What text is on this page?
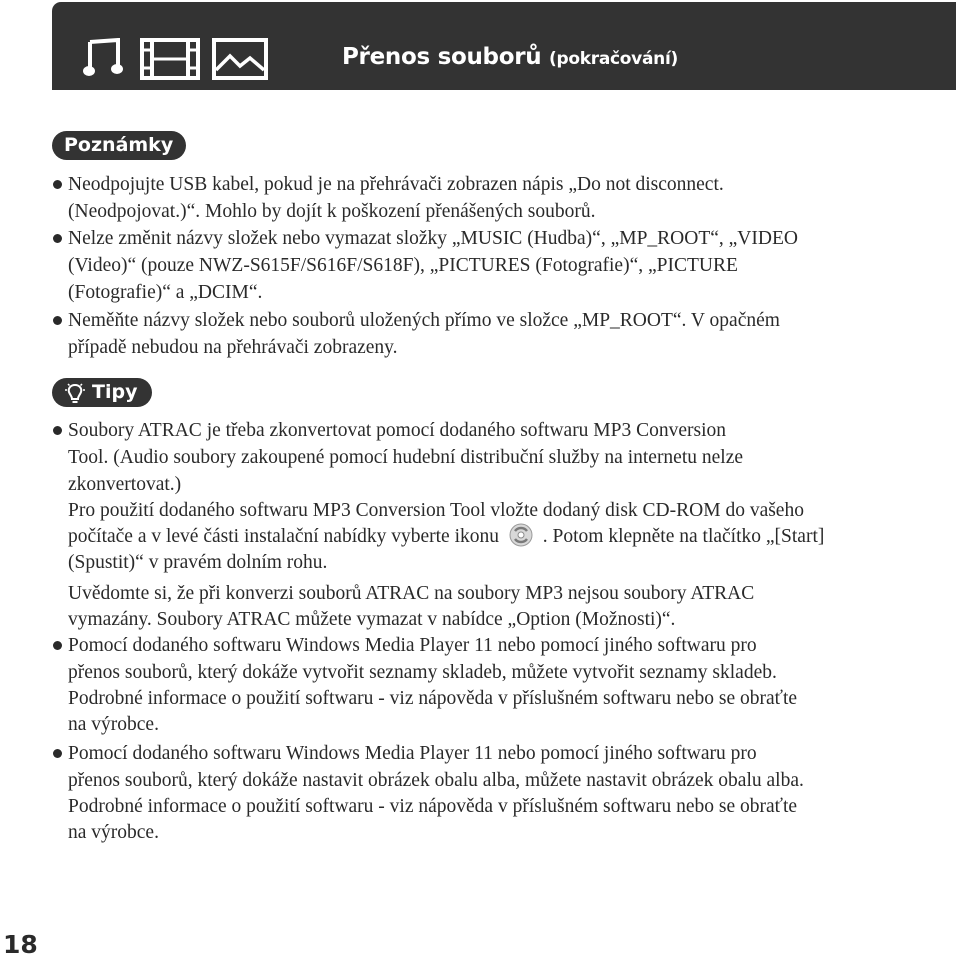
Přenos souborů (pokračování)
Poznámky
Tipy
Neodpojujte USB kabel, pokud je na přehrávači zobrazen nápis „Do not disconnect.
(Neodpojovat.)“. Mohlo by dojít k poškození přenášených souborů.
Nelze změnit názvy složek nebo vymazat složky „MUSIC (Hudba)“, „MP_ROOT“, „VIDEO
(Video)“ (pouze NWZ-S615F/S616F/S618F), „PICTURES (Fotografie)“, „PICTURE
(Fotografie)“ a „DCIM“.
Neměňte názvy složek nebo souborů uložených přímo ve složce „MP_ROOT“. V opačném
případě nebudou na přehrávači zobrazeny.
Soubory ATRAC je třeba zkonvertovat pomocí dodaného softwaru MP3 Conversion
Tool. (Audio soubory zakoupené pomocí hudební distribuční služby na internetu nelze
zkonvertovat.)
Pro použití dodaného softwaru MP3 Conversion Tool vložte dodaný disk CD-ROM do vašeho
počítače a v levé části instalační nabídky vyberte ikonu . Potom klepněte na tlačítko „[Start]
(Spustit)“ v pravém dolním rohu.
Uvědomte si, že při konverzi souborů ATRAC na soubory MP3 nejsou soubory ATRAC
vymazány. Soubory ATRAC můžete vymazat v nabídce „Option (Možnosti)“.
Pomocí dodaného softwaru Windows Media Player 11 nebo pomocí jiného softwaru pro
přenos souborů, který dokáže vytvořit seznamy skladeb, můžete vytvořit seznamy skladeb.
Podrobné informace o použití softwaru - viz nápověda v příslušném softwaru nebo se obraťte
na výrobce.
Pomocí dodaného softwaru Windows Media Player 11 nebo pomocí jiného softwaru pro
přenos souborů, který dokáže nastavit obrázek obalu alba, můžete nastavit obrázek obalu alba.
Podrobné informace o použití softwaru - viz nápověda v příslušném softwaru nebo se obraťte
na výrobce.
18
